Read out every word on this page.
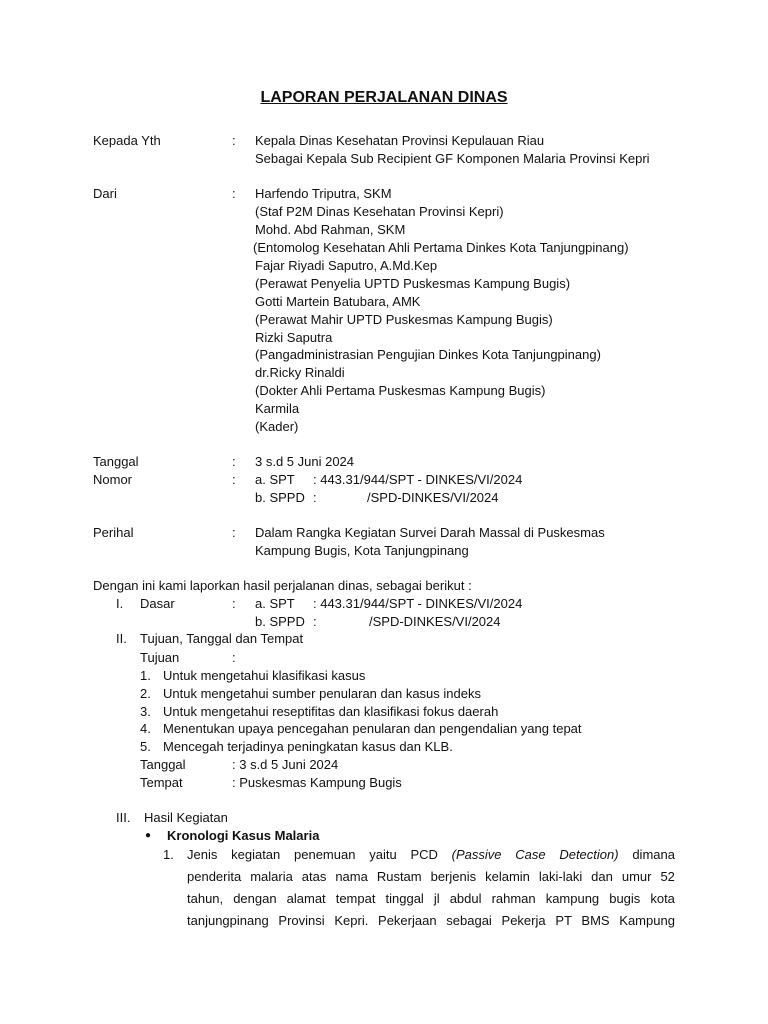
LAPORAN PERJALANAN DINAS
Kepada Yth	: Kepala Dinas Kesehatan Provinsi Kepulauan Riau
Sebagai Kepala Sub Recipient GF Komponen Malaria Provinsi Kepri
Dari	: Harfendo Triputra, SKM
(Staf P2M Dinas Kesehatan Provinsi Kepri)
Mohd. Abd Rahman, SKM
(Entomolog Kesehatan Ahli Pertama Dinkes Kota Tanjungpinang)
Fajar Riyadi Saputro, A.Md.Kep
(Perawat Penyelia UPTD Puskesmas Kampung Bugis)
Gotti Martein Batubara, AMK
(Perawat Mahir UPTD Puskesmas Kampung Bugis)
Rizki Saputra
(Pangadministrasian Pengujian Dinkes Kota Tanjungpinang)
dr.Ricky Rinaldi
(Dokter Ahli Pertama Puskesmas Kampung Bugis)
Karmila
(Kader)
Tanggal	: 3 s.d 5 Juni 2024
Nomor	: a. SPT : 443.31/944/SPT - DINKES/VI/2024
b. SPPD :	/SPD-DINKES/VI/2024
Perihal	: Dalam Rangka Kegiatan Survei Darah Massal di Puskesmas
Kampung Bugis, Kota Tanjungpinang
Dengan ini kami laporkan hasil perjalanan dinas, sebagai berikut :
I. Dasar	: a. SPT : 443.31/944/SPT - DINKES/VI/2024
b. SPPD :	/SPD-DINKES/VI/2024
II. Tujuan, Tanggal dan Tempat
Tujuan	:
1. Untuk mengetahui klasifikasi kasus
2. Untuk mengetahui sumber penularan dan kasus indeks
3. Untuk mengetahui reseptifitas dan klasifikasi fokus daerah
4. Menentukan upaya pencegahan penularan dan pengendalian yang tepat
5. Mencegah terjadinya peningkatan kasus dan KLB.
Tanggal	: 3 s.d 5 Juni 2024
Tempat	: Puskesmas Kampung Bugis
III. Hasil Kegiatan
● Kronologi Kasus Malaria
1. Jenis kegiatan penemuan yaitu PCD (Passive Case Detection) dimana
penderita malaria atas nama Rustam berjenis kelamin laki-laki dan umur 52
tahun, dengan alamat tempat tinggal jl abdul rahman kampung bugis kota
tanjungpinang Provinsi Kepri. Pekerjaan sebagai Pekerja PT BMS Kampung
